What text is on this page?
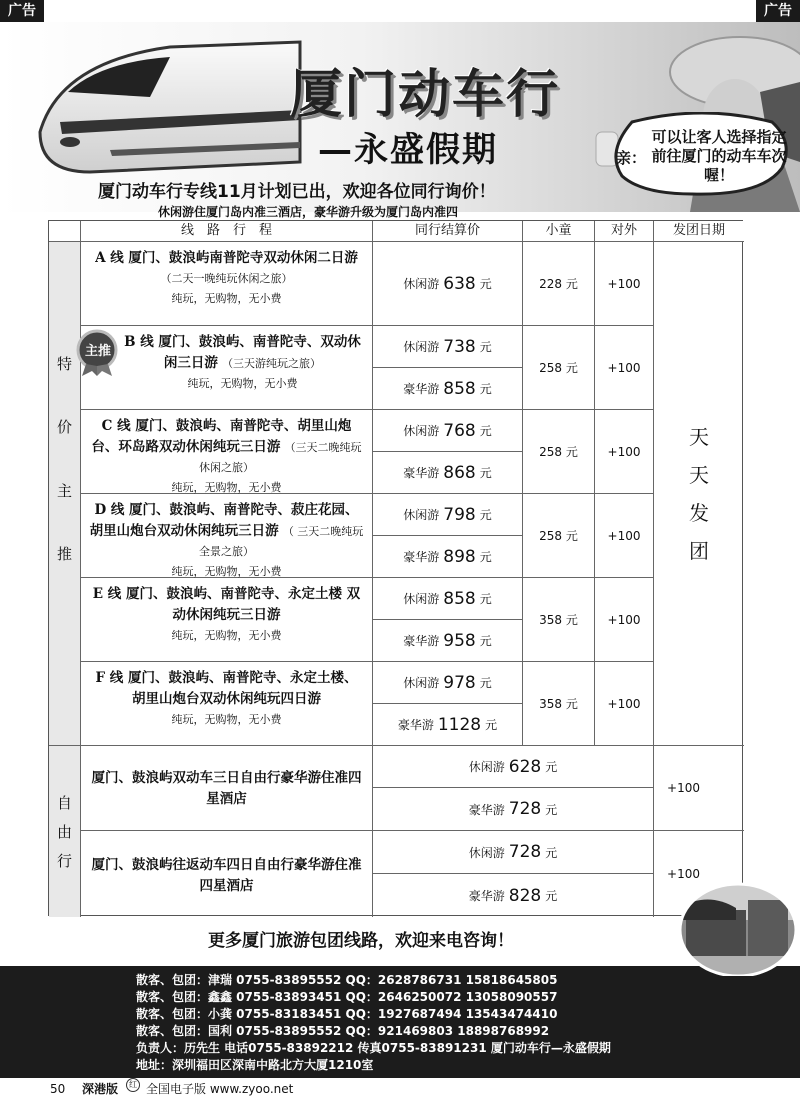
广告	广告
厦门动车行
—永盛假期	亲：
可以让客人选择指定前往厦门的动车车次喔！
厦门动车行专线11月计划已出，欢迎各位同行询价！
休闲游住厦门岛内准三酒店，豪华游升级为厦门岛内准四
线　路　行　程	同行结算价	小童	对外	发团日期
特
价
主
推
自
由
行
A 线 厦门、鼓浪屿南普陀寺双动休闲二日游 （二天一晚纯玩休闲之旅）
纯玩，无购物，无小费
休闲游 638 元	228 元	+100
B 线 厦门、鼓浪屿、南普陀寺、双动休闲三日游 （三天游纯玩之旅）
纯玩，无购物，无小费
休闲游 738 元
豪华游 858 元
258 元	+100
C 线 厦门、鼓浪屿、南普陀寺、胡里山炮台、环岛路双动休闲纯玩三日游 （三天二晚纯玩休闲之旅）
纯玩，无购物，无小费
休闲游 768 元
豪华游 868 元
258 元	+100
D 线 厦门、鼓浪屿、南普陀寺、菽庄花园、胡里山炮台双动休闲纯玩三日游 （ 三天二晚纯玩全景之旅）
纯玩，无购物，无小费
休闲游 798 元
豪华游 898 元
258 元	+100
E 线 厦门、鼓浪屿、南普陀寺、永定土楼 双动休闲纯玩三日游
纯玩，无购物，无小费
休闲游 858 元
豪华游 958 元
358 元	+100
F 线 厦门、鼓浪屿、南普陀寺、永定土楼、胡里山炮台双动休闲纯玩四日游
纯玩，无购物，无小费
休闲游 978 元
豪华游 1128 元
358 元	+100
天
天
发
团
厦门、鼓浪屿双动车三日自由行豪华游住准四星酒店
休闲游 628 元
豪华游 728 元
+100
厦门、鼓浪屿往返动车四日自由行豪华游住准四星酒店
休闲游 728 元
豪华游 828 元
+100
主推
更多厦门旅游包团线路，欢迎来电咨询！
散客、包团：津瑞 0755-83895552 QQ：2628786731 15818645805
散客、包团：鑫鑫 0755-83893451 QQ：2646250072 13058090557
散客、包团：小龚 0755-83183451 QQ：1927687494 13543474410
散客、包团：国利 0755-83895552 QQ：921469803 18898768992
负责人：历先生 电话0755-83892212 传真0755-83891231 厦门动车行—永盛假期
地址：深圳福田区深南中路北方大厦1210室
50 深港版	红 全国电子版 www.zyoo.net
